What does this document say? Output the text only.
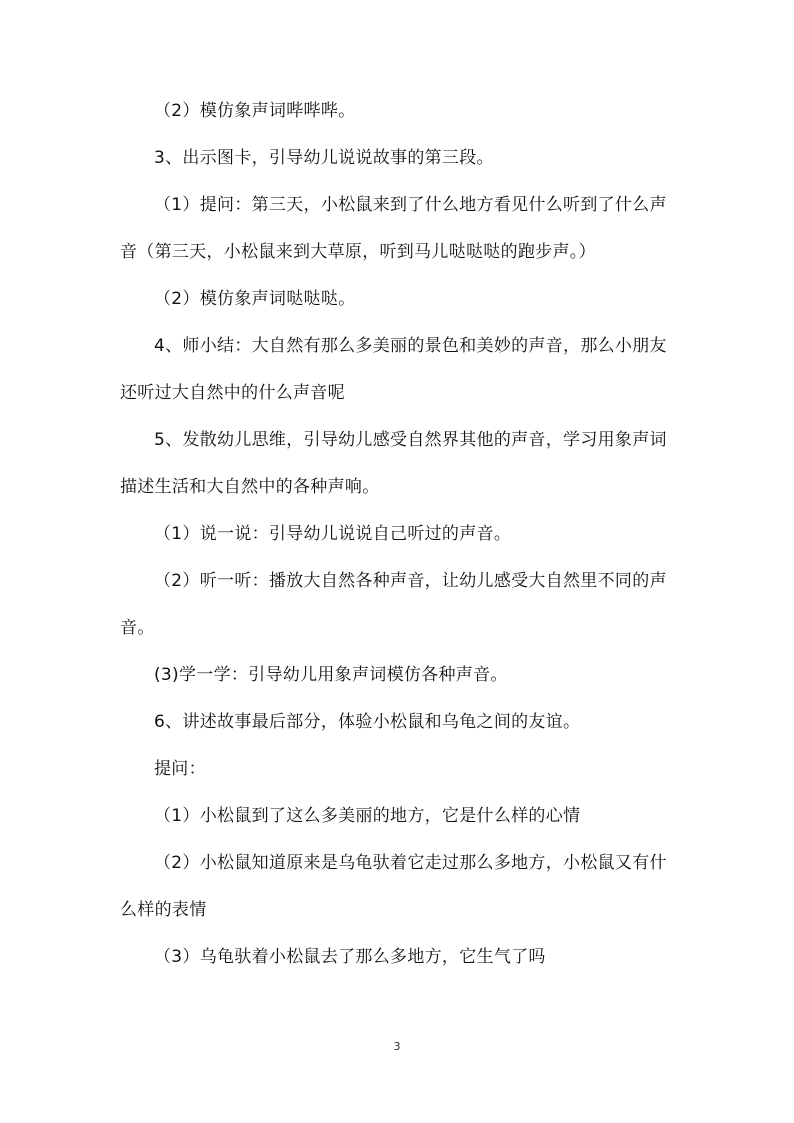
（2）模仿象声词哔哔哔。

3、出示图卡，引导幼儿说说故事的第三段。

（1）提问：第三天，小松鼠来到了什么地方看见什么听到了什么声音（第三天，小松鼠来到大草原，听到马儿哒哒哒的跑步声。）

（2）模仿象声词哒哒哒。

4、师小结：大自然有那么多美丽的景色和美妙的声音，那么小朋友还听过大自然中的什么声音呢

5、发散幼儿思维，引导幼儿感受自然界其他的声音，学习用象声词描述生活和大自然中的各种声响。

（1）说一说：引导幼儿说说自己听过的声音。

（2）听一听：播放大自然各种声音，让幼儿感受大自然里不同的声音。

(3)学一学：引导幼儿用象声词模仿各种声音。

6、讲述故事最后部分，体验小松鼠和乌龟之间的友谊。

提问：

（1）小松鼠到了这么多美丽的地方，它是什么样的心情

（2）小松鼠知道原来是乌龟驮着它走过那么多地方，小松鼠又有什么样的表情

（3）乌龟驮着小松鼠去了那么多地方，它生气了吗

3
